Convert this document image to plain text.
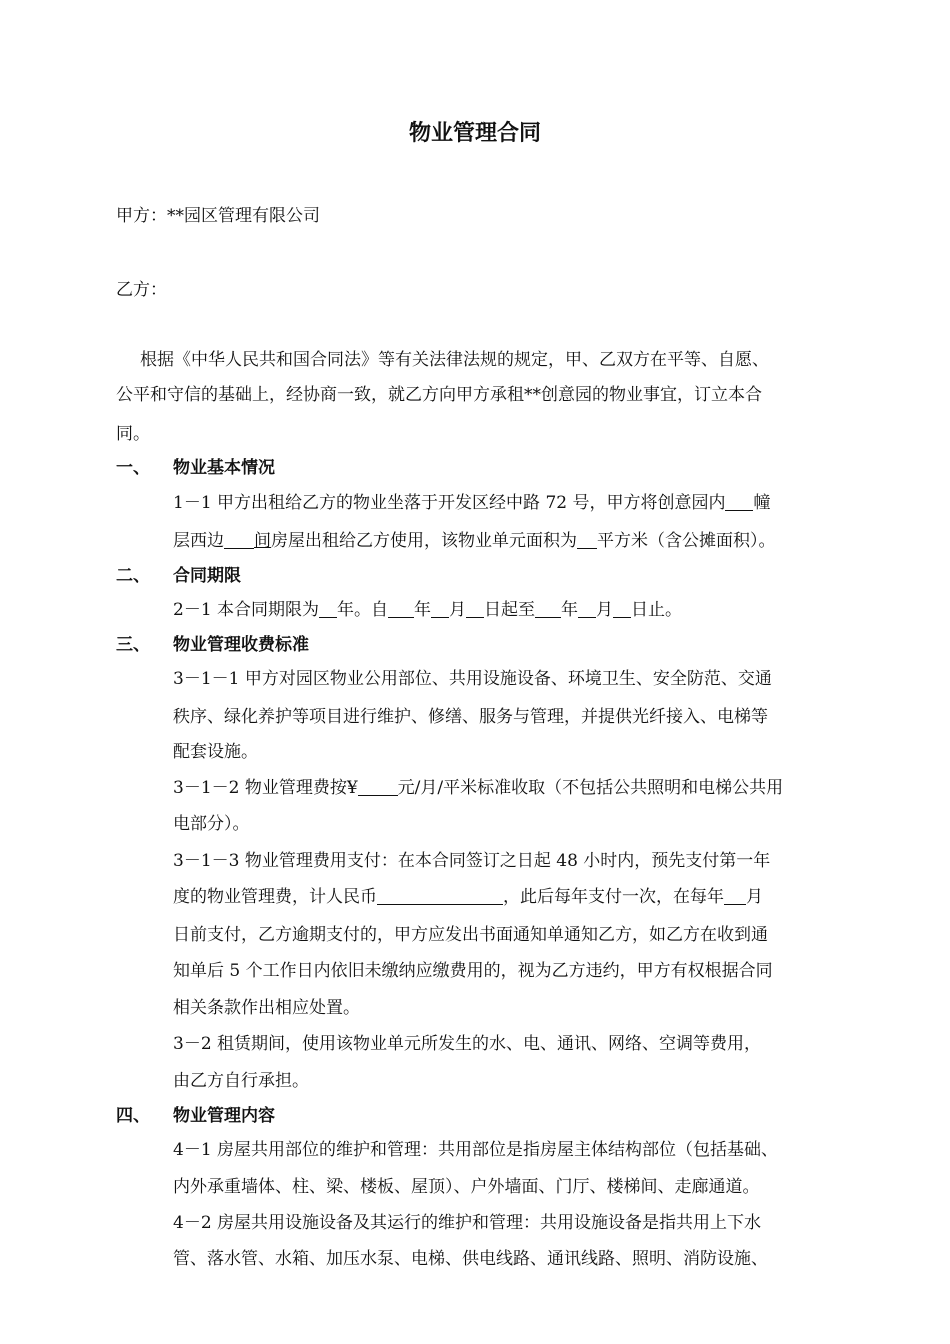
物业管理合同
甲方：**园区管理有限公司
乙方：
根据《中华人民共和国合同法》等有关法律法规的规定，甲、乙双方在平等、自愿、
公平和守信的基础上，经协商一致，就乙方向甲方承租**创意园的物业事宜，订立本合
同。
一、 物业基本情况
1－1 甲方出租给乙方的物业坐落于开发区经中路 72 号，甲方将创意园内 幢
层西边 间房屋出租给乙方使用，该物业单元面积为 平方米（含公摊面积）。
二、 合同期限
2－1 本合同期限为 年。自 年 月 日起至 年 月 日止。
三、 物业管理收费标准
3－1－1 甲方对园区物业公用部位、共用设施设备、环境卫生、安全防范、交通
秩序、绿化养护等项目进行维护、修缮、服务与管理，并提供光纤接入、电梯等
配套设施。
3－1－2 物业管理费按¥ 元/月/平米标准收取（不包括公共照明和电梯公共用
电部分）。
3－1－3 物业管理费用支付：在本合同签订之日起 48 小时内，预先支付第一年
度的物业管理费，计人民币	，此后每年支付一次，在每年 月
日前支付，乙方逾期支付的，甲方应发出书面通知单通知乙方，如乙方在收到通
知单后 5 个工作日内依旧未缴纳应缴费用的，视为乙方违约，甲方有权根据合同
相关条款作出相应处置。
3－2 租赁期间，使用该物业单元所发生的水、电、通讯、网络、空调等费用，
由乙方自行承担。
四、 物业管理内容
4－1 房屋共用部位的维护和管理：共用部位是指房屋主体结构部位（包括基础、
内外承重墙体、柱、梁、楼板、屋顶）、户外墙面、门厅、楼梯间、走廊通道。
4－2 房屋共用设施设备及其运行的维护和管理：共用设施设备是指共用上下水
管、落水管、水箱、加压水泵、电梯、供电线路、通讯线路、照明、消防设施、
